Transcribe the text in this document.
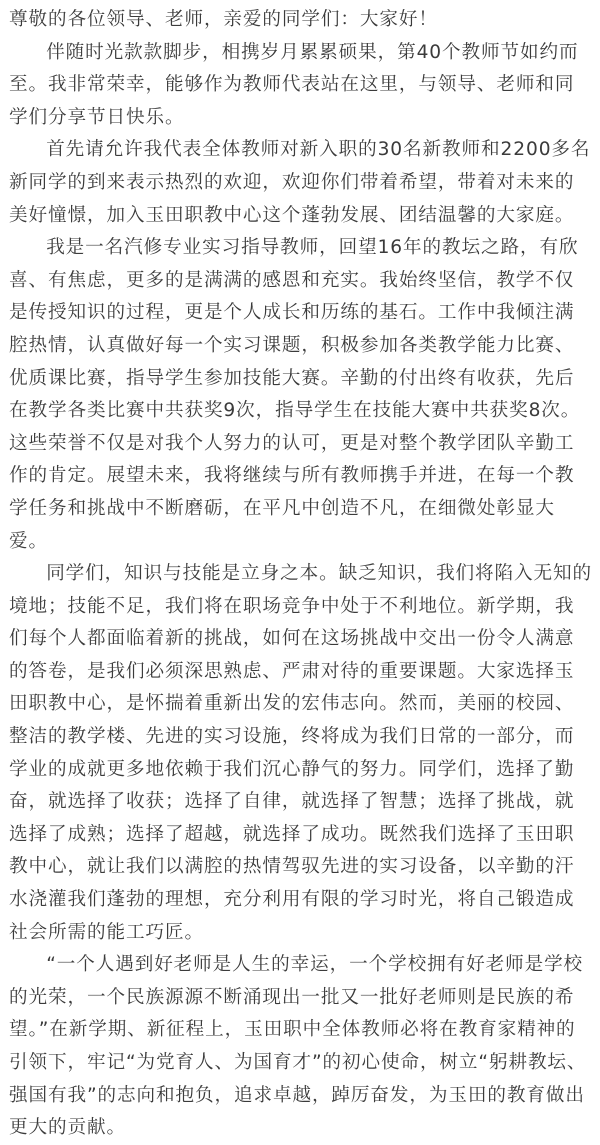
尊敬的各位领导、老师，亲爱的同学们：大家好！

伴随时光款款脚步，相携岁月累累硕果，第40个教师节如约而至。我非常荣幸，能够作为教师代表站在这里，与领导、老师和同学们分享节日快乐。

首先请允许我代表全体教师对新入职的30名新教师和2200多名新同学的到来表示热烈的欢迎，欢迎你们带着希望，带着对未来的美好憧憬，加入玉田职教中心这个蓬勃发展、团结温馨的大家庭。

我是一名汽修专业实习指导教师，回望16年的教坛之路，有欣喜、有焦虑，更多的是满满的感恩和充实。我始终坚信，教学不仅是传授知识的过程，更是个人成长和历练的基石。工作中我倾注满腔热情，认真做好每一个实习课题，积极参加各类教学能力比赛、优质课比赛，指导学生参加技能大赛。辛勤的付出终有收获，先后在教学各类比赛中共获奖9次，指导学生在技能大赛中共获奖8次。这些荣誉不仅是对我个人努力的认可，更是对整个教学团队辛勤工作的肯定。展望未来，我将继续与所有教师携手并进，在每一个教学任务和挑战中不断磨砺，在平凡中创造不凡，在细微处彰显大爱。

同学们，知识与技能是立身之本。缺乏知识，我们将陷入无知的境地；技能不足，我们将在职场竞争中处于不利地位。新学期，我们每个人都面临着新的挑战，如何在这场挑战中交出一份令人满意的答卷，是我们必须深思熟虑、严肃对待的重要课题。大家选择玉田职教中心，是怀揣着重新出发的宏伟志向。然而，美丽的校园、整洁的教学楼、先进的实习设施，终将成为我们日常的一部分，而学业的成就更多地依赖于我们沉心静气的努力。同学们，选择了勤奋，就选择了收获；选择了自律，就选择了智慧；选择了挑战，就选择了成熟；选择了超越，就选择了成功。既然我们选择了玉田职教中心，就让我们以满腔的热情驾驭先进的实习设备，以辛勤的汗水浇灌我们蓬勃的理想，充分利用有限的学习时光，将自己锻造成社会所需的能工巧匠。

“一个人遇到好老师是人生的幸运，一个学校拥有好老师是学校的光荣，一个民族源源不断涌现出一批又一批好老师则是民族的希望。”在新学期、新征程上，玉田职中全体教师必将在教育家精神的引领下，牢记“为党育人、为国育才”的初心使命，树立“躬耕教坛、强国有我”的志向和抱负，追求卓越，踔厉奋发，为玉田的教育做出更大的贡献。
